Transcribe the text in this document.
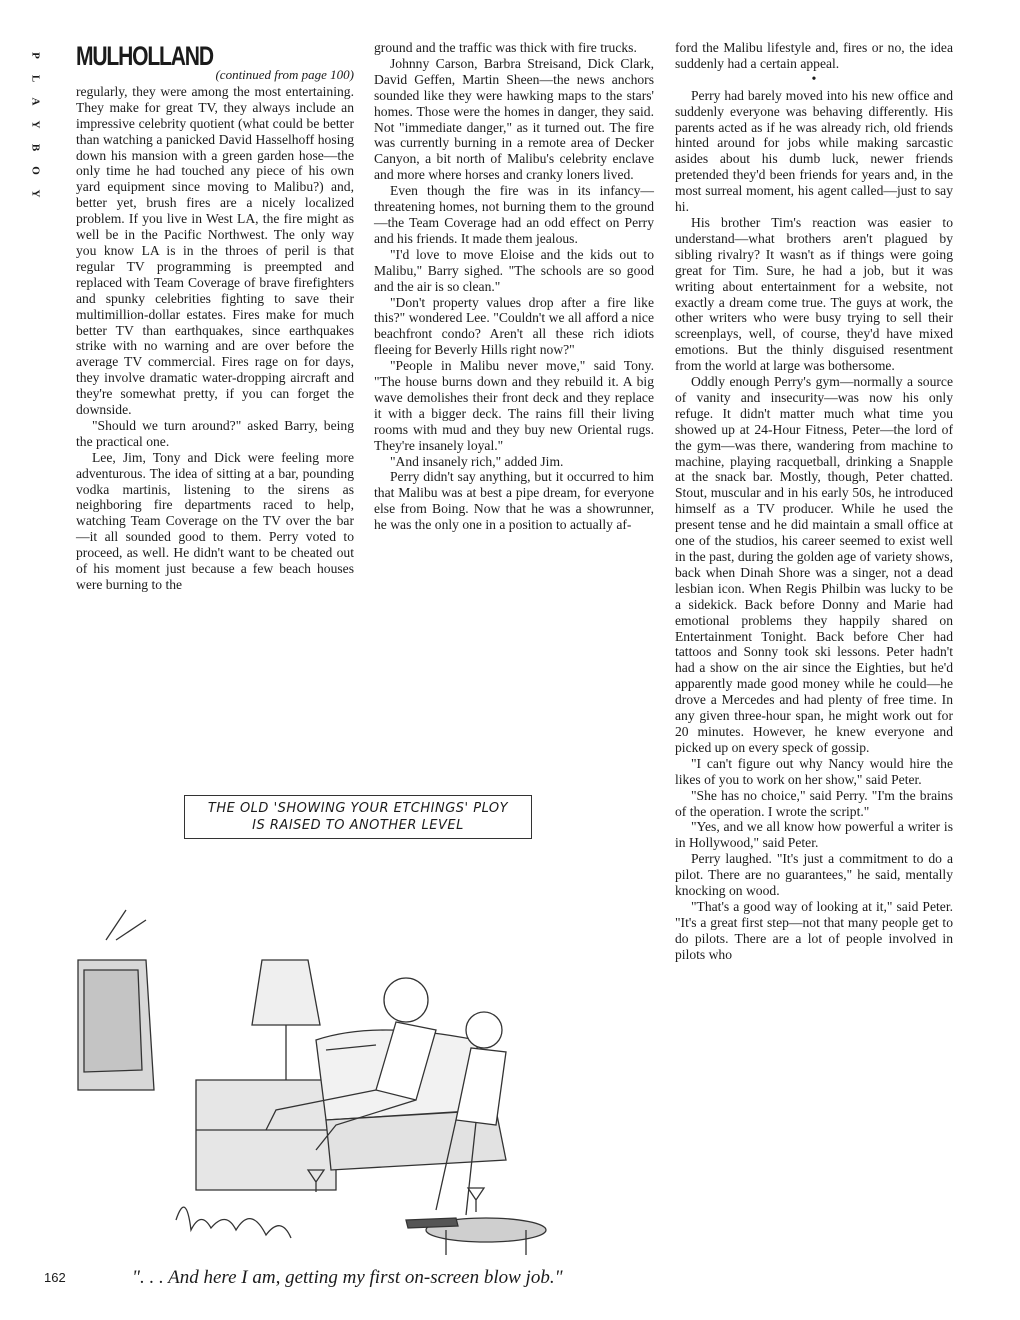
P
L
A
Y
B
O
Y
MULHOLLAND
(continued from page 100)

regularly, they were among the most entertaining. They make for great TV, they always include an impressive celebrity quotient (what could be better than watching a panicked David Hasselhoff hosing down his mansion with a green garden hose—the only time he had touched any piece of his own yard equipment since moving to Malibu?) and, better yet, brush fires are a nicely localized problem. If you live in West LA, the fire might as well be in the Pacific Northwest. The only way you know LA is in the throes of peril is that regular TV programming is preempted and replaced with Team Coverage of brave firefighters and spunky celebrities fighting to save their multimillion-dollar estates. Fires make for much better TV than earthquakes, since earthquakes strike with no warning and are over before the average TV commercial. Fires rage on for days, they involve dramatic water-dropping aircraft and they're somewhat pretty, if you can forget the downside.

"Should we turn around?" asked Barry, being the practical one.

Lee, Jim, Tony and Dick were feeling more adventurous. The idea of sitting at a bar, pounding vodka martinis, listening to the sirens as neighboring fire departments raced to help, watching Team Coverage on the TV over the bar—it all sounded good to them. Perry voted to proceed, as well. He didn't want to be cheated out of his moment just because a few beach houses were burning to the

ground and the traffic was thick with fire trucks.

Johnny Carson, Barbra Streisand, Dick Clark, David Geffen, Martin Sheen—the news anchors sounded like they were hawking maps to the stars' homes. Those were the homes in danger, they said. Not "immediate danger," as it turned out. The fire was currently burning in a remote area of Decker Canyon, a bit north of Malibu's celebrity enclave and more where horses and cranky loners lived.

Even though the fire was in its infancy—threatening homes, not burning them to the ground—the Team Coverage had an odd effect on Perry and his friends. It made them jealous.

"I'd love to move Eloise and the kids out to Malibu," Barry sighed. "The schools are so good and the air is so clean."

"Don't property values drop after a fire like this?" wondered Lee. "Couldn't we all afford a nice beachfront condo? Aren't all these rich idiots fleeing for Beverly Hills right now?"

"People in Malibu never move," said Tony. "The house burns down and they rebuild it. A big wave demolishes their front deck and they replace it with a bigger deck. The rains fill their living rooms with mud and they buy new Oriental rugs. They're insanely loyal."

"And insanely rich," added Jim.

Perry didn't say anything, but it occurred to him that Malibu was at best a pipe dream, for everyone else from Boing. Now that he was a showrunner, he was the only one in a position to actually af-

ford the Malibu lifestyle and, fires or no, the idea suddenly had a certain appeal.

•

Perry had barely moved into his new office and suddenly everyone was behaving differently. His parents acted as if he was already rich, old friends hinted around for jobs while making sarcastic asides about his dumb luck, newer friends pretended they'd been friends for years and, in the most surreal moment, his agent called—just to say hi.

His brother Tim's reaction was easier to understand—what brothers aren't plagued by sibling rivalry? It wasn't as if things were going great for Tim. Sure, he had a job, but it was writing about entertainment for a website, not exactly a dream come true. The guys at work, the other writers who were busy trying to sell their screenplays, well, of course, they'd have mixed emotions. But the thinly disguised resentment from the world at large was bothersome.

Oddly enough Perry's gym—normally a source of vanity and insecurity—was now his only refuge. It didn't matter much what time you showed up at 24-Hour Fitness, Peter—the lord of the gym—was there, wandering from machine to machine, playing racquetball, drinking a Snapple at the snack bar. Mostly, though, Peter chatted. Stout, muscular and in his early 50s, he introduced himself as a TV producer. While he used the present tense and he did maintain a small office at one of the studios, his career seemed to exist well in the past, during the golden age of variety shows, back when Dinah Shore was a singer, not a dead lesbian icon. When Regis Philbin was lucky to be a sidekick. Back before Donny and Marie had emotional problems they happily shared on Entertainment Tonight. Back before Cher had tattoos and Sonny took ski lessons. Peter hadn't had a show on the air since the Eighties, but he'd apparently made good money while he could—he drove a Mercedes and had plenty of free time. In any given three-hour span, he might work out for 20 minutes. However, he knew everyone and picked up on every speck of gossip.

"I can't figure out why Nancy would hire the likes of you to work on her show," said Peter.

"She has no choice," said Perry. "I'm the brains of the operation. I wrote the script."

"Yes, and we all know how powerful a writer is in Hollywood," said Peter.

Perry laughed. "It's just a commitment to do a pilot. There are no guarantees," he said, mentally knocking on wood.

"That's a good way of looking at it," said Peter. "It's a great first step—not that many people get to do pilots. There are a lot of people involved in pilots who

THE OLD 'SHOWING YOUR ETCHINGS' PLOY
IS RAISED TO ANOTHER LEVEL
". . . And here I am, getting my first on-screen blow job."
162
